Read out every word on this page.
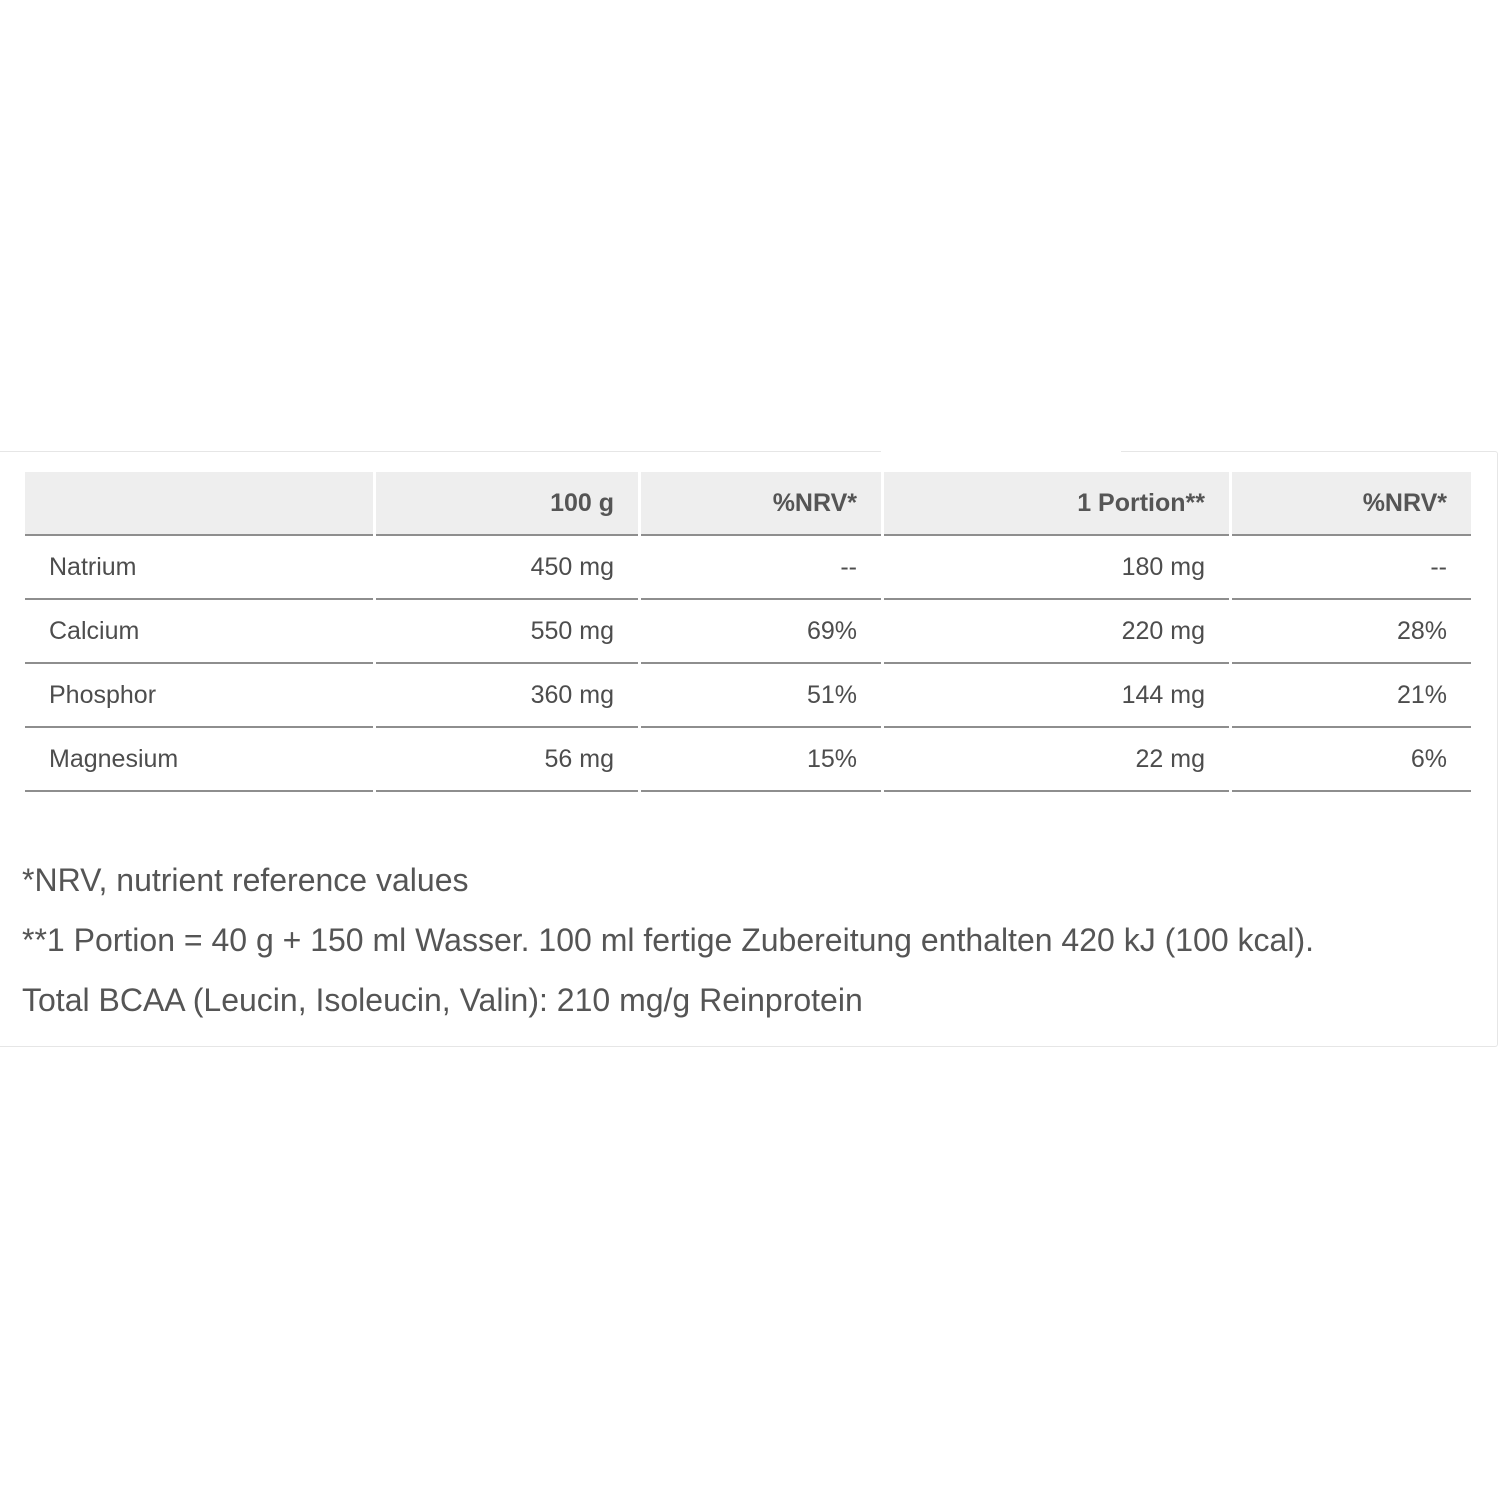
	100 g	%NRV*	1 Portion**	%NRV*
Natrium	450 mg	--	180 mg	--
Calcium	550 mg	69%	220 mg	28%
Phosphor	360 mg	51%	144 mg	21%
Magnesium	56 mg	15%	22 mg	6%

*NRV, nutrient reference values

**1 Portion = 40 g + 150 ml Wasser. 100 ml fertige Zubereitung enthalten 420 kJ (100 kcal).

Total BCAA (Leucin, Isoleucin, Valin): 210 mg/g Reinprotein
